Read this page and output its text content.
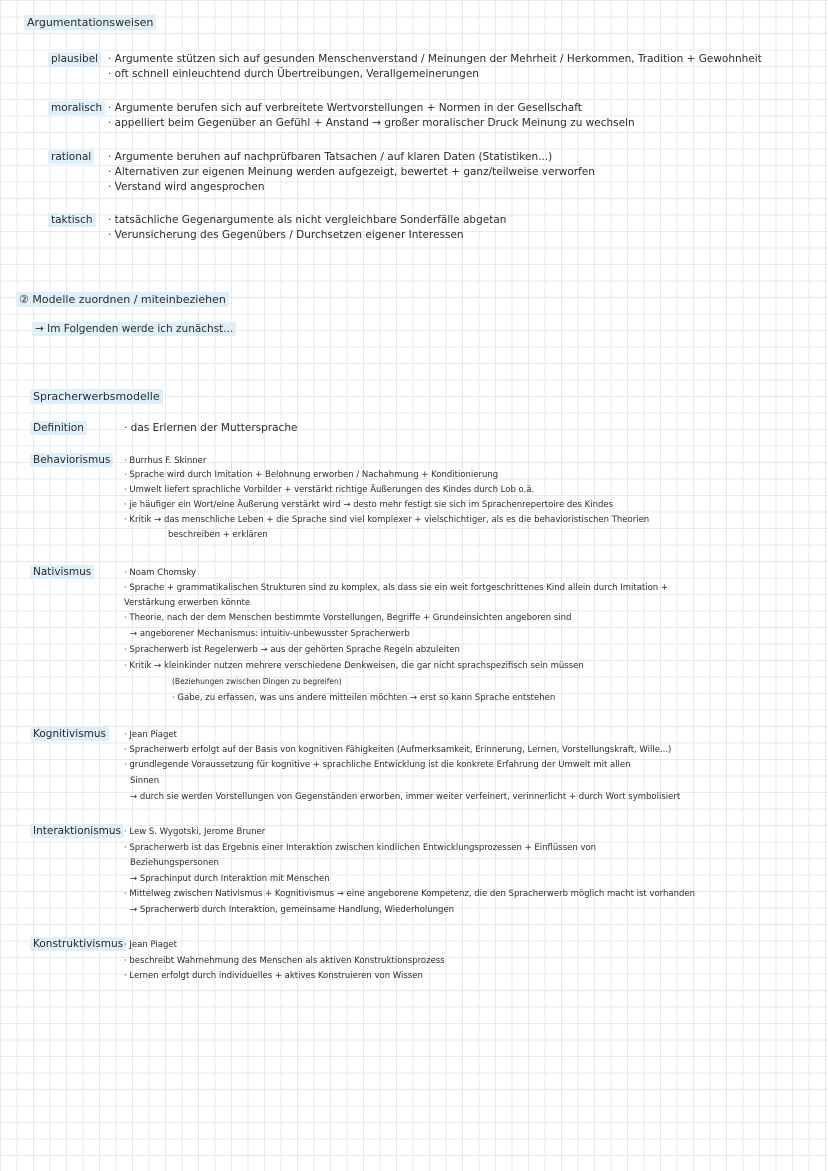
Argumentationsweisen
plausibel · Argumente stützen sich auf gesunden Menschenverstand / Meinungen der Mehrheit / Herkommen, Tradition + Gewohnheit
· oft schnell einleuchtend durch Übertreibungen, Verallgemeinerungen
moralisch · Argumente berufen sich auf verbreitete Wertvorstellungen + Normen in der Gesellschaft
· appelliert beim Gegenüber an Gefühl + Anstand → großer moralischer Druck Meinung zu wechseln
rational · Argumente beruhen auf nachprüfbaren Tatsachen / auf klaren Daten (Statistiken...)
· Alternativen zur eigenen Meinung werden aufgezeigt, bewertet + ganz/teilweise verworfen
· Verstand wird angesprochen
taktisch · tatsächliche Gegenargumente als nicht vergleichbare Sonderfälle abgetan
· Verunsicherung des Gegenübers / Durchsetzen eigener Interessen
② Modelle zuordnen / miteinbeziehen
→ Im Folgenden werde ich zunächst...
Spracherwerbsmodelle
Definition	· das Erlernen der Muttersprache
Behaviorismus	· Burrhus F. Skinner
· Sprache wird durch Imitation + Belohnung erworben / Nachahmung + Konditionierung
· Umwelt liefert sprachliche Vorbilder + verstärkt richtige Äußerungen des Kindes durch Lob o.ä.
· je häufiger ein Wort/eine Äußerung verstärkt wird → desto mehr festigt sie sich im Sprachenrepertoire des Kindes
· Kritik → das menschliche Leben + die Sprache sind viel komplexer + vielschichtiger, als es die behavioristischen Theorien
beschreiben + erklären
Nativismus	· Noam Chomsky
· Sprache + grammatikalischen Strukturen sind zu komplex, als dass sie ein weit fortgeschrittenes Kind allein durch Imitation +
Verstärkung erwerben könnte
· Theorie, nach der dem Menschen bestimmte Vorstellungen, Begriffe + Grundeinsichten angeboren sind
→ angeborener Mechanismus: intuitiv-unbewusster Spracherwerb
· Spracherwerb ist Regelerwerb → aus der gehörten Sprache Regeln abzuleiten
· Kritik → kleinkinder nutzen mehrere verschiedene Denkweisen, die gar nicht sprachspezifisch sein müssen
(Beziehungen zwischen Dingen zu begreifen)
· Gabe, zu erfassen, was uns andere mitteilen möchten → erst so kann Sprache entstehen
Kognitivismus	· Jean Piaget
· Spracherwerb erfolgt auf der Basis von kognitiven Fähigkeiten (Aufmerksamkeit, Erinnerung, Lernen, Vorstellungskraft, Wille...)
· grundlegende Voraussetzung für kognitive + sprachliche Entwicklung ist die konkrete Erfahrung der Umwelt mit allen
Sinnen
→ durch sie werden Vorstellungen von Gegenständen erworben, immer weiter verfeinert, verinnerlicht + durch Wort symbolisiert
Interaktionismus · Lew S. Wygotski, Jerome Bruner
· Spracherwerb ist das Ergebnis einer Interaktion zwischen kindlichen Entwicklungsprozessen + Einflüssen von
Beziehungspersonen
→ Sprachinput durch Interaktion mit Menschen
· Mittelweg zwischen Nativismus + Kognitivismus → eine angeborene Kompetenz, die den Spracherwerb möglich macht ist vorhanden
→ Spracherwerb durch Interaktion, gemeinsame Handlung, Wiederholungen
Konstruktivismus · Jean Piaget
· beschreibt Wahrnehmung des Menschen als aktiven Konstruktionsprozess
· Lernen erfolgt durch individuelles + aktives Konstruieren von Wissen
